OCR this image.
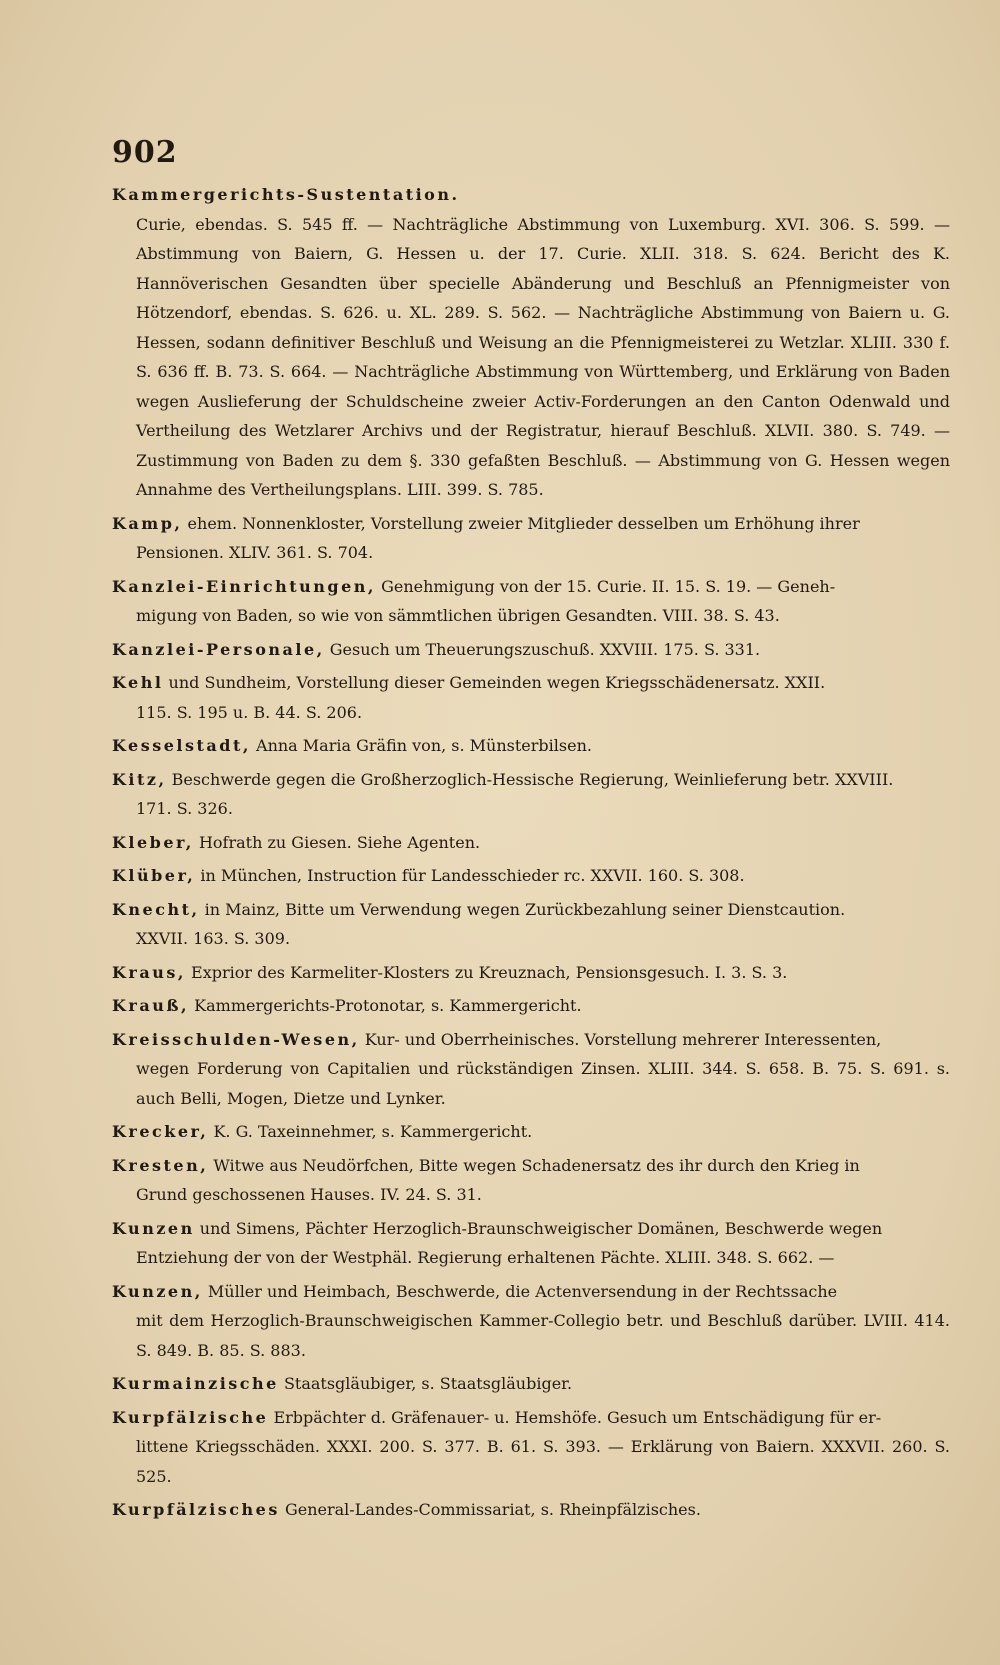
902
Kammergerichts-Sustentation.
Curie, ebendas. S. 545 ff. — Nachträgliche Abstimmung von Luxemburg. XVI. 306. S. 599. — Abstimmung von Baiern, G. Hessen u. der 17. Curie. XLII. 318. S. 624. Bericht des K. Hannöverischen Gesandten über specielle Abänderung und Beschluß an Pfennigmeister von Hötzendorf, ebendas. S. 626. u. XL. 289. S. 562. — Nachträgliche Abstimmung von Baiern u. G. Hessen, sodann definitiver Beschluß und Weisung an die Pfennigmeisterei zu Wetzlar. XLIII. 330 f. S. 636 ff. B. 73. S. 664. — Nachträgliche Abstimmung von Württemberg, und Erklärung von Baden wegen Auslieferung der Schuldscheine zweier Activ-Forderungen an den Canton Odenwald und Vertheilung des Wetzlarer Archivs und der Registratur, hierauf Beschluß. XLVII. 380. S. 749. — Zustimmung von Baden zu dem §. 330 gefaßten Beschluß. — Abstimmung von G. Hessen wegen Annahme des Vertheilungsplans. LIII. 399. S. 785.
Kamp, ehem. Nonnenkloster, Vorstellung zweier Mitglieder desselben um Erhöhung ihrer
Pensionen. XLIV. 361. S. 704.
Kanzlei-Einrichtungen, Genehmigung von der 15. Curie. II. 15. S. 19. — Geneh-
migung von Baden, so wie von sämmtlichen übrigen Gesandten. VIII. 38. S. 43.
Kanzlei-Personale, Gesuch um Theuerungszuschuß. XXVIII. 175. S. 331.
Kehl und Sundheim, Vorstellung dieser Gemeinden wegen Kriegsschädenersatz. XXII.
115. S. 195 u. B. 44. S. 206.
Kesselstadt, Anna Maria Gräfin von, s. Münsterbilsen.
Kitz, Beschwerde gegen die Großherzoglich-Hessische Regierung, Weinlieferung betr. XXVIII.
171. S. 326.
Kleber, Hofrath zu Giesen. Siehe Agenten.
Klüber, in München, Instruction für Landesschieder rc. XXVII. 160. S. 308.
Knecht, in Mainz, Bitte um Verwendung wegen Zurückbezahlung seiner Dienstcaution.
XXVII. 163. S. 309.
Kraus, Exprior des Karmeliter-Klosters zu Kreuznach, Pensionsgesuch. I. 3. S. 3.
Krauß, Kammergerichts-Protonotar, s. Kammergericht.
Kreisschulden-Wesen, Kur- und Oberrheinisches. Vorstellung mehrerer Interessenten,
wegen Forderung von Capitalien und rückständigen Zinsen. XLIII. 344. S. 658. B. 75. S. 691. s. auch Belli, Mogen, Dietze und Lynker.
Krecker, K. G. Taxeinnehmer, s. Kammergericht.
Kresten, Witwe aus Neudörfchen, Bitte wegen Schadenersatz des ihr durch den Krieg in
Grund geschossenen Hauses. IV. 24. S. 31.
Kunzen und Simens, Pächter Herzoglich-Braunschweigischer Domänen, Beschwerde wegen
Entziehung der von der Westphäl. Regierung erhaltenen Pächte. XLIII. 348. S. 662. —
Kunzen, Müller und Heimbach, Beschwerde, die Actenversendung in der Rechtssache
mit dem Herzoglich-Braunschweigischen Kammer-Collegio betr. und Beschluß darüber. LVIII. 414. S. 849. B. 85. S. 883.
Kurmainzische Staatsgläubiger, s. Staatsgläubiger.
Kurpfälzische Erbpächter d. Gräfenauer- u. Hemshöfe. Gesuch um Entschädigung für er-
littene Kriegsschäden. XXXI. 200. S. 377. B. 61. S. 393. — Erklärung von Baiern. XXXVII. 260. S. 525.
Kurpfälzisches General-Landes-Commissariat, s. Rheinpfälzisches.
